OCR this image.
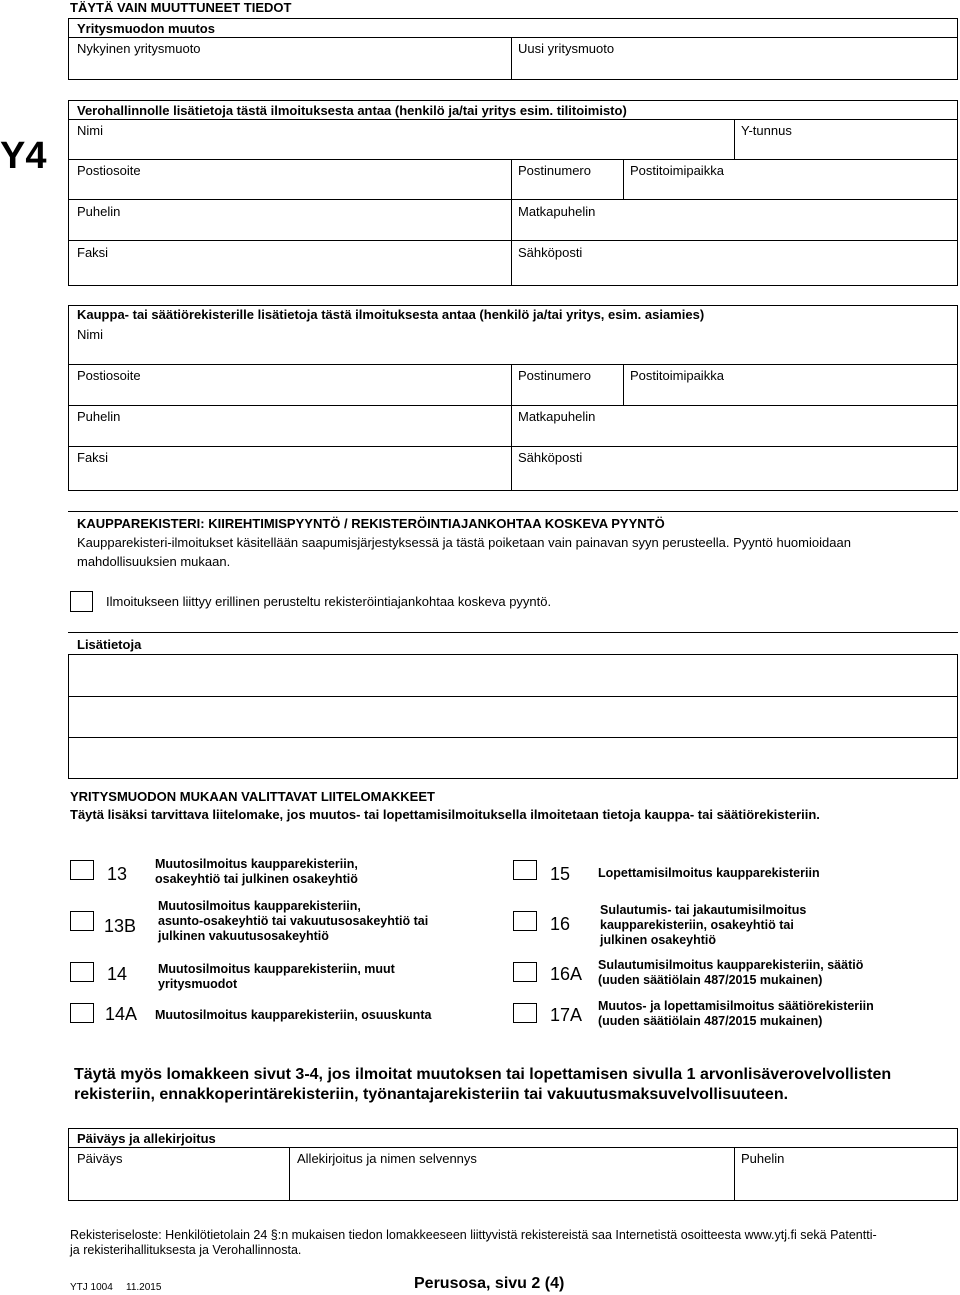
TÄYTÄ VAIN MUUTTUNEET TIEDOT
Y4
Yritysmuodon muutos
Nykyinen yritysmuoto	Uusi yritysmuoto
Verohallinnolle lisätietoja tästä ilmoituksesta antaa (henkilö ja/tai yritys esim. tilitoimisto)
Nimi	Y-tunnus
Postiosoite	Postinumero	Postitoimipaikka
Puhelin	Matkapuhelin
Faksi	Sähköposti
Kauppa- tai säätiörekisterille lisätietoja tästä ilmoituksesta antaa (henkilö ja/tai yritys, esim. asiamies)
Nimi
Postiosoite	Postinumero	Postitoimipaikka
Puhelin	Matkapuhelin
Faksi	Sähköposti
KAUPPAREKISTERI: KIIREHTIMISPYYNTÖ / REKISTERÖINTIAJANKOHTAA KOSKEVA PYYNTÖ
Kaupparekisteri-ilmoitukset käsitellään saapumisjärjestyksessä ja tästä poiketaan vain painavan syyn perusteella. Pyyntö huomioidaan
mahdollisuuksien mukaan.
Ilmoitukseen liittyy erillinen perusteltu rekisteröintiajankohtaa koskeva pyyntö.
Lisätietoja
YRITYSMUODON MUKAAN VALITTAVAT LIITELOMAKKEET
Täytä lisäksi tarvittava liitelomake, jos muutos- tai lopettamisilmoituksella ilmoitetaan tietoja kauppa- tai säätiörekisteriin.
13 Muutosilmoitus kaupparekisteriin,
osakeyhtiö tai julkinen osakeyhtiö
13B
Muutosilmoitus kaupparekisteriin,
asunto-osakeyhtiö tai vakuutusosakeyhtiö tai
julkinen vakuutusosakeyhtiö
14 Muutosilmoitus kaupparekisteriin, muut
yritysmuodot
14A Muutosilmoitus kaupparekisteriin, osuuskunta
15 Lopettamisilmoitus kaupparekisteriin
16
Sulautumis- tai jakautumisilmoitus
kaupparekisteriin, osakeyhtiö tai
julkinen osakeyhtiö
16A Sulautumisilmoitus kaupparekisteriin, säätiö
(uuden säätiölain 487/2015 mukainen)
17A Muutos- ja lopettamisilmoitus säätiörekisteriin
(uuden säätiölain 487/2015 mukainen)
Täytä myös lomakkeen sivut 3-4, jos ilmoitat muutoksen tai lopettamisen sivulla 1 arvonlisäverovelvollisten
rekisteriin, ennakkoperintärekisteriin, työnantajarekisteriin tai vakuutusmaksuvelvollisuuteen.
Päiväys ja allekirjoitus
Päiväys	Allekirjoitus ja nimen selvennys	Puhelin
Rekisteriseloste: Henkilötietolain 24 §:n mukaisen tiedon lomakkeeseen liittyvistä rekistereistä saa Internetistä osoitteesta www.ytj.fi sekä Patentti-
ja rekisterihallituksesta ja Verohallinnosta.
YTJ 1004 11.2015	Perusosa, sivu 2 (4)
